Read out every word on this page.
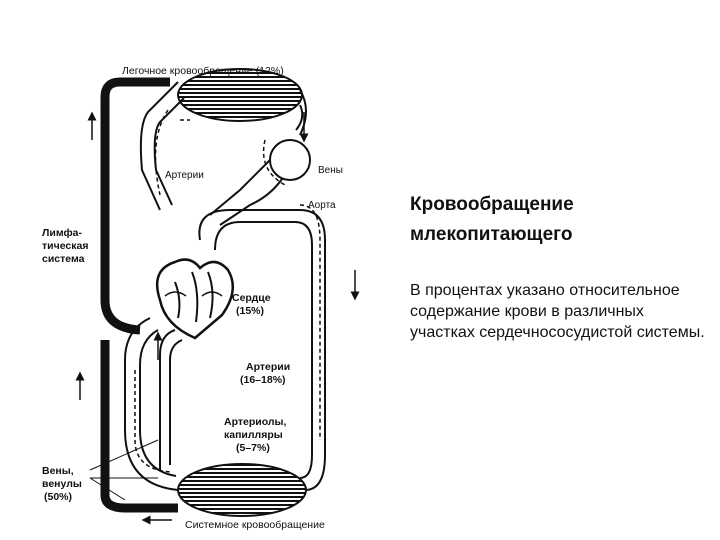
Легочное кровообращение (12%)
Артерии	Вены
Аорта
Лимфа-
тическая
система
Сердце
(15%)
Артерии
(16–18%)
Артериолы,
капилляры
(5–7%)
Вены,
венулы
(50%)
Системное кровообращение
Кровообращение млекопитающего

В процентах указано относительное содержание крови в различных участках сердечнососудистой системы.
